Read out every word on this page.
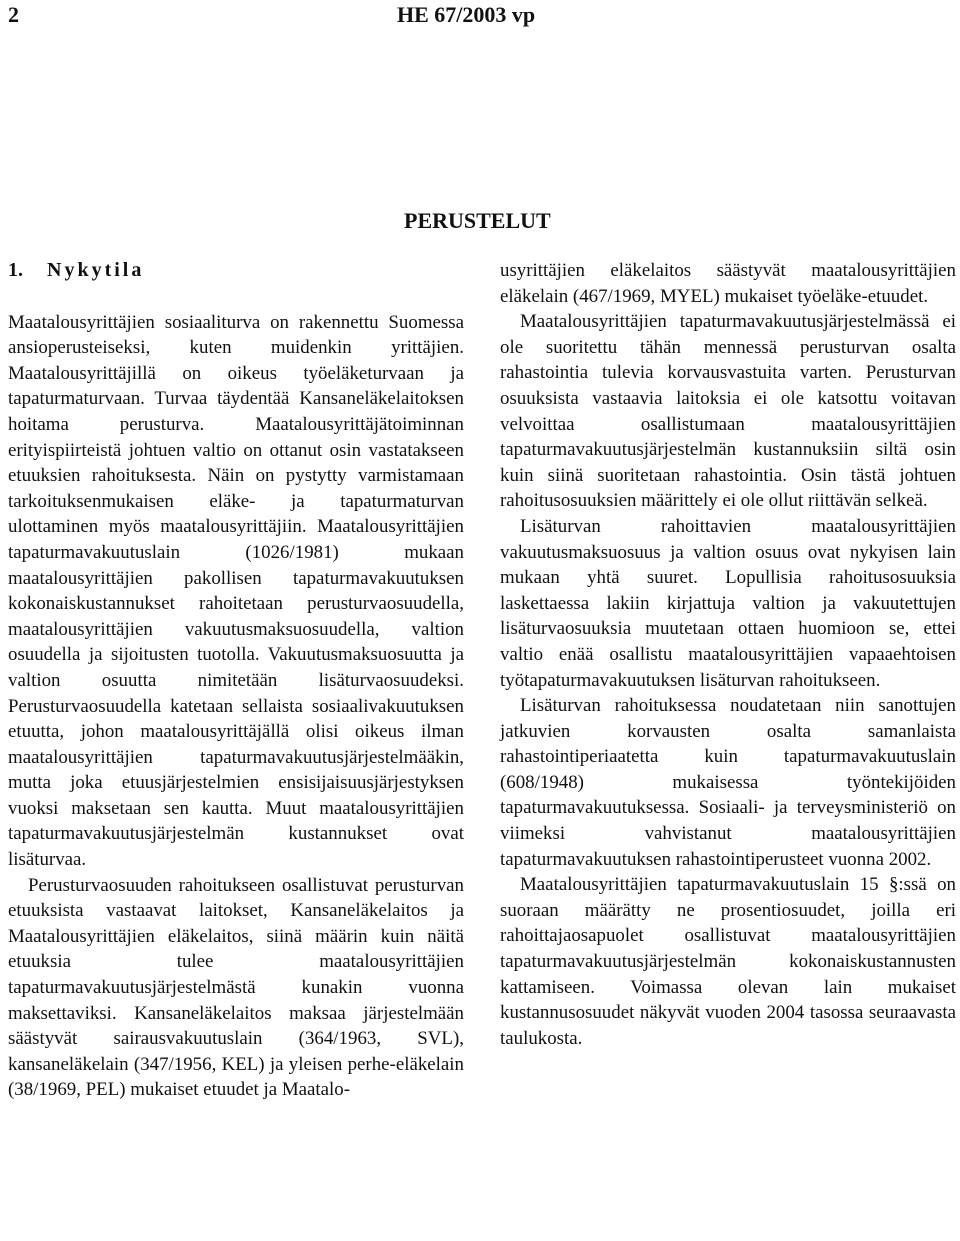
2	HE 67/2003 vp
PERUSTELUT
1. Nykytila

Maatalousyrittäjien sosiaaliturva on rakennettu Suomessa ansioperusteiseksi, kuten muidenkin yrittäjien. Maatalousyrittäjillä on oikeus työeläketurvaan ja tapaturmaturvaan. Turvaa täydentää Kansaneläkelaitoksen hoitama perusturva. Maatalousyrittäjätoiminnan erityispiirteistä johtuen valtio on ottanut osin vastatakseen etuuksien rahoituksesta. Näin on pystytty varmistamaan tarkoituksenmukaisen eläke- ja tapaturmaturvan ulottaminen myös maatalousyrittäjiin. Maatalousyrittäjien tapaturmavakuutuslain (1026/1981) mukaan maatalousyrittäjien pakollisen tapaturmavakuutuksen kokonaiskustannukset rahoitetaan perusturvaosuudella, maatalousyrittäjien vakuutusmaksuosuudella, valtion osuudella ja sijoitusten tuotolla. Vakuutusmaksuosuutta ja valtion osuutta nimitetään lisäturvaosuudeksi. Perusturvaosuudella katetaan sellaista sosiaalivakuutuksen etuutta, johon maatalousyrittäjällä olisi oikeus ilman maatalousyrittäjien tapaturmavakuutusjärjestelmääkin, mutta joka etuusjärjestelmien ensisijaisuusjärjestyksen vuoksi maksetaan sen kautta. Muut maatalousyrittäjien tapaturmavakuutusjärjestelmän kustannukset ovat lisäturvaa.

Perusturvaosuuden rahoitukseen osallistuvat perusturvan etuuksista vastaavat laitokset, Kansaneläkelaitos ja Maatalousyrittäjien eläkelaitos, siinä määrin kuin näitä etuuksia tulee maatalousyrittäjien tapaturmavakuutusjärjestelmästä kunakin vuonna maksettaviksi. Kansaneläkelaitos maksaa järjestelmään säästyvät sairausvakuutuslain (364/1963, SVL), kansaneläkelain (347/1956, KEL) ja yleisen perhe-eläkelain (38/1969, PEL) mukaiset etuudet ja Maatalo-

usyrittäjien eläkelaitos säästyvät maatalousyrittäjien eläkelain (467/1969, MYEL) mukaiset työeläke-etuudet.

Maatalousyrittäjien tapaturmavakuutusjärjestelmässä ei ole suoritettu tähän mennessä perusturvan osalta rahastointia tulevia korvausvastuita varten. Perusturvan osuuksista vastaavia laitoksia ei ole katsottu voitavan velvoittaa osallistumaan maatalousyrittäjien tapaturmavakuutusjärjestelmän kustannuksiin siltä osin kuin siinä suoritetaan rahastointia. Osin tästä johtuen rahoitusosuuksien määrittely ei ole ollut riittävän selkeä.

Lisäturvan rahoittavien maatalousyrittäjien vakuutusmaksuosuus ja valtion osuus ovat nykyisen lain mukaan yhtä suuret. Lopullisia rahoitusosuuksia laskettaessa lakiin kirjattuja valtion ja vakuutettujen lisäturvaosuuksia muutetaan ottaen huomioon se, ettei valtio enää osallistu maatalousyrittäjien vapaaehtoisen työtapaturmavakuutuksen lisäturvan rahoitukseen.

Lisäturvan rahoituksessa noudatetaan niin sanottujen jatkuvien korvausten osalta samanlaista rahastointiperiaatetta kuin tapaturmavakuutuslain (608/1948) mukaisessa työntekijöiden tapaturmavakuutuksessa. Sosiaali- ja terveysministeriö on viimeksi vahvistanut maatalousyrittäjien tapaturmavakuutuksen rahastointiperusteet vuonna 2002.

Maatalousyrittäjien tapaturmavakuutuslain 15 §:ssä on suoraan määrätty ne prosentiosuudet, joilla eri rahoittajaosapuolet osallistuvat maatalousyrittäjien tapaturmavakuutusjärjestelmän kokonaiskustannusten kattamiseen. Voimassa olevan lain mukaiset kustannusosuudet näkyvät vuoden 2004 tasossa seuraavasta taulukosta.
